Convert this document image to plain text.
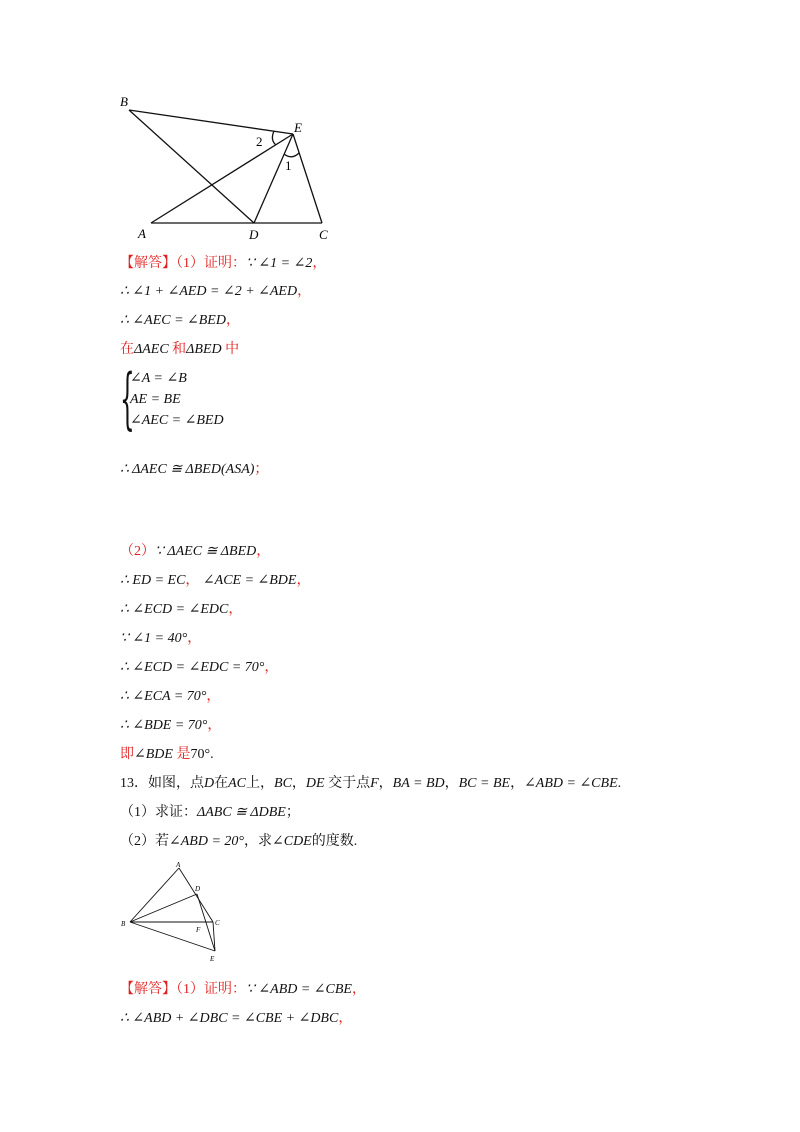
B
E
2
1
A	D	C
【解答】（1）证明：∵ ∠1 = ∠2，
∴ ∠1 + ∠AED = ∠2 + ∠AED，
∴ ∠AEC = ∠BED，
在ΔAEC 和ΔBED 中
{
∠A = ∠B
AE = BE
∠AEC = ∠BED
∴ ΔAEC ≅ ΔBED(ASA)；
（2）∵ ΔAEC ≅ ΔBED，
∴ ED = EC， ∠ACE = ∠BDE，
∴ ∠ECD = ∠EDC，
∵ ∠1 = 40°，
∴ ∠ECD = ∠EDC = 70°，
∴ ∠ECA = 70°，
∴ ∠BDE = 70°，
即∠BDE 是70°.
13．如图，点D在AC上，BC，DE 交于点F，BA = BD，BC = BE，∠ABD = ∠CBE.
（1）求证：ΔABC ≅ ΔDBE；
（2）若∠ABD = 20°，求∠CDE的度数.
A
D
B	C
F
E
【解答】（1）证明：∵ ∠ABD = ∠CBE，
∴ ∠ABD + ∠DBC = ∠CBE + ∠DBC，
